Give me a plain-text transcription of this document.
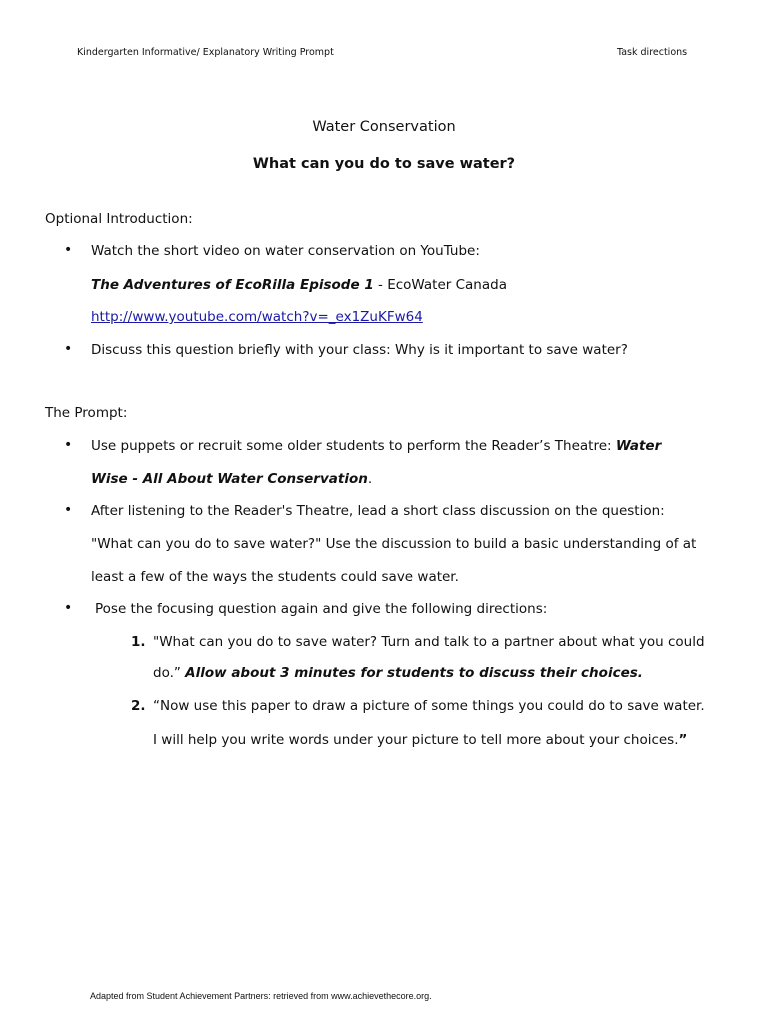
Kindergarten Informative/ Explanatory Writing Prompt	Task directions
Water Conservation
What can you do to save water?
Optional Introduction:
• Watch the short video on water conservation on YouTube:
The Adventures of EcoRilla Episode 1 - EcoWater Canada
http://www.youtube.com/watch?v=_ex1ZuKFw64
• Discuss this question briefly with your class: Why is it important to save water?
The Prompt:
• Use puppets or recruit some older students to perform the Reader’s Theatre: Water
Wise - All About Water Conservation.
• After listening to the Reader's Theatre, lead a short class discussion on the question:
"What can you do to save water?" Use the discussion to build a basic understanding of at
least a few of the ways the students could save water.
• Pose the focusing question again and give the following directions:
1. "What can you do to save water? Turn and talk to a partner about what you could
do.” Allow about 3 minutes for students to discuss their choices.
2. “Now use this paper to draw a picture of some things you could do to save water.
I will help you write words under your picture to tell more about your choices.”
Adapted from Student Achievement Partners: retrieved from www.achievethecore.org.
